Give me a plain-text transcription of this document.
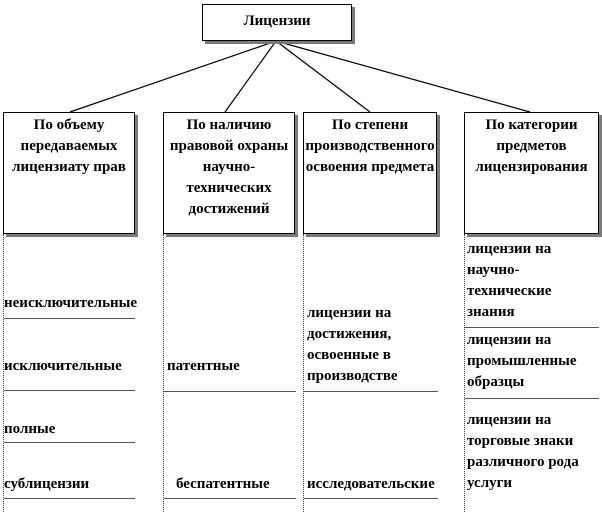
Лицензии
По объему передаваемых лицензиату прав
По наличию правовой охраны научно-технических достижений
По степени производственного освоения предмета
По категории предметов лицензирования
неисключительные
исключительные
полные
сублицензии
патентные
беспатентные
лицензии на достижения, освоенные в производстве
исследовательские
лицензии на научно-технические знания
лицензии на промышленные образцы
лицензии на торговые знаки различного рода услуги
